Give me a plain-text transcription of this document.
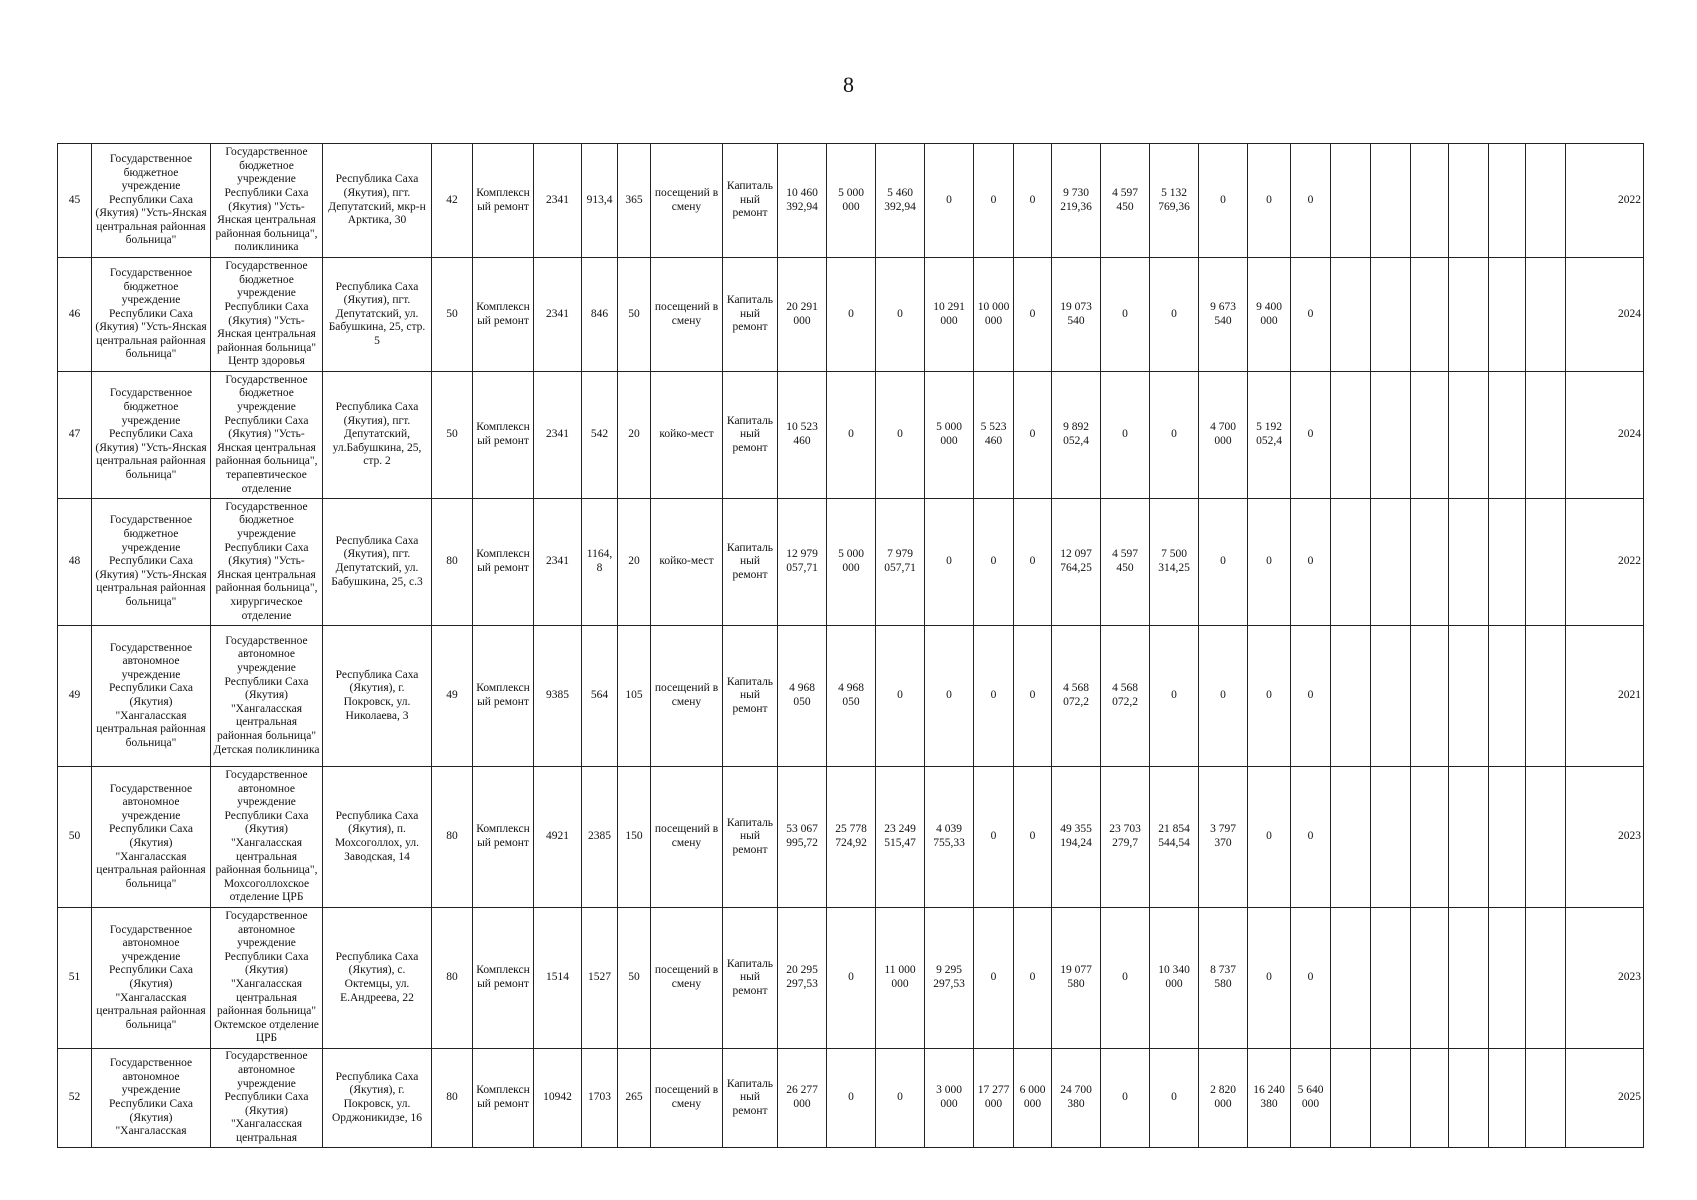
8
45	Государственное бюджетное учреждение Республики Саха (Якутия) "Усть-Янская центральная районная больница"	Государственное бюджетное учреждение Республики Саха (Якутия) "Усть-Янская центральная районная больница", поликлиника	Республика Саха (Якутия), пгт. Депутатский, мкр-н Арктика, 30	42	Комплексный ремонт	2341	913,4	365	посещений в смену	Капитальный ремонт	10 460 392,94	5 000 000	5 460 392,94	0	0	0	9 730 219,36	4 597 450	5 132 769,36	0	0	0							2022
46	Государственное бюджетное учреждение Республики Саха (Якутия) "Усть-Янская центральная районная больница"	Государственное бюджетное учреждение Республики Саха (Якутия) "Усть-Янская центральная районная больница" Центр здоровья	Республика Саха (Якутия), пгт. Депутатский, ул. Бабушкина, 25, стр. 5	50	Комплексный ремонт	2341	846	50	посещений в смену	Капитальный ремонт	20 291 000	0	0	10 291 000	10 000 000	0	19 073 540	0	0	9 673 540	9 400 000	0							2024
47	Государственное бюджетное учреждение Республики Саха (Якутия) "Усть-Янская центральная районная больница"	Государственное бюджетное учреждение Республики Саха (Якутия) "Усть-Янская центральная районная больница", терапевтическое отделение	Республика Саха (Якутия), пгт. Депутатский, ул.Бабушкина, 25, стр. 2	50	Комплексный ремонт	2341	542	20	койко-мест	Капитальный ремонт	10 523 460	0	0	5 000 000	5 523 460	0	9 892 052,4	0	0	4 700 000	5 192 052,4	0							2024
48	Государственное бюджетное учреждение Республики Саха (Якутия) "Усть-Янская центральная районная больница"	Государственное бюджетное учреждение Республики Саха (Якутия) "Усть-Янская центральная районная больница", хирургическое отделение	Республика Саха (Якутия), пгт. Депутатский, ул. Бабушкина, 25, с.3	80	Комплексный ремонт	2341	1164,8	20	койко-мест	Капитальный ремонт	12 979 057,71	5 000 000	7 979 057,71	0	0	0	12 097 764,25	4 597 450	7 500 314,25	0	0	0							2022
49	Государственное автономное учреждение Республики Саха (Якутия) "Хангаласская центральная районная больница"	Государственное автономное учреждение Республики Саха (Якутия) "Хангаласская центральная районная больница" Детская поликлиника	Республика Саха (Якутия), г. Покровск, ул. Николаева, 3	49	Комплексный ремонт	9385	564	105	посещений в смену	Капитальный ремонт	4 968 050	4 968 050	0	0	0	0	4 568 072,2	4 568 072,2	0	0	0	0							2021
50	Государственное автономное учреждение Республики Саха (Якутия) "Хангаласская центральная районная больница"	Государственное автономное учреждение Республики Саха (Якутия) "Хангаласская центральная районная больница", Мохсоголлохское отделение ЦРБ	Республика Саха (Якутия), п. Мохсоголлох, ул. Заводская, 14	80	Комплексный ремонт	4921	2385	150	посещений в смену	Капитальный ремонт	53 067 995,72	25 778 724,92	23 249 515,47	4 039 755,33	0	0	49 355 194,24	23 703 279,7	21 854 544,54	3 797 370	0	0							2023
51	Государственное автономное учреждение Республики Саха (Якутия) "Хангаласская центральная районная больница"	Государственное автономное учреждение Республики Саха (Якутия) "Хангаласская центральная районная больница" Октемское отделение ЦРБ	Республика Саха (Якутия), с. Октемцы, ул. Е.Андреева, 22	80	Комплексный ремонт	1514	1527	50	посещений в смену	Капитальный ремонт	20 295 297,53	0	11 000 000	9 295 297,53	0	0	19 077 580	0	10 340 000	8 737 580	0	0							2023
52	Государственное автономное учреждение Республики Саха (Якутия) "Хангаласская	Государственное автономное учреждение Республики Саха (Якутия) "Хангаласская центральная	Республика Саха (Якутия), г. Покровск, ул. Орджоникидзе, 16	80	Комплексный ремонт	10942	1703	265	посещений в смену	Капитальный ремонт	26 277 000	0	0	3 000 000	17 277 000	6 000 000	24 700 380	0	0	2 820 000	16 240 380	5 640 000							2025
